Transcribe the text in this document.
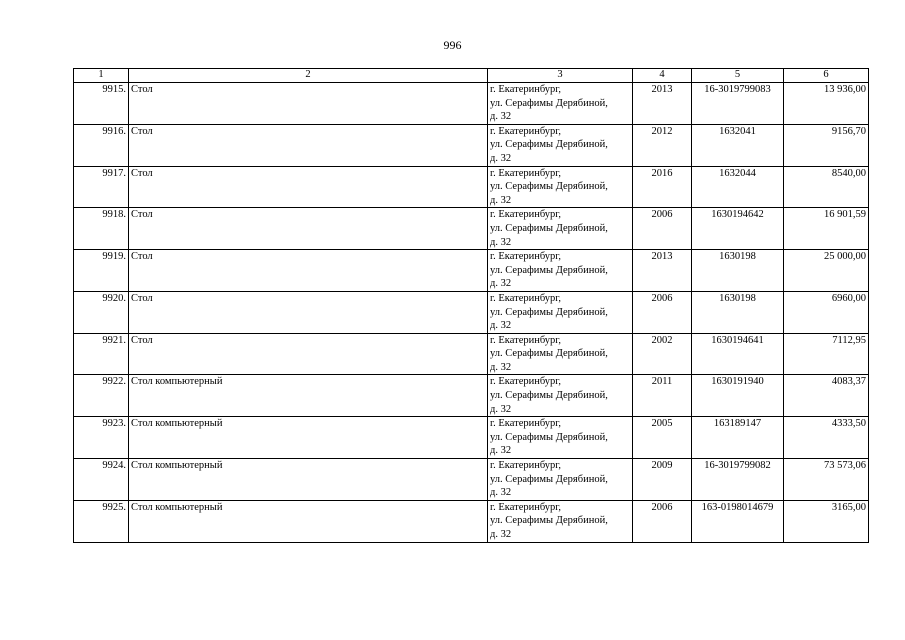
996
1	2	3	4	5	6
9915.	Стол	г. Екатеринбург,
ул. Серафимы Дерябиной,
д. 32	2013	16-3019799083	13 936,00
9916.	Стол	г. Екатеринбург,
ул. Серафимы Дерябиной,
д. 32	2012	1632041	9156,70
9917.	Стол	г. Екатеринбург,
ул. Серафимы Дерябиной,
д. 32	2016	1632044	8540,00
9918.	Стол	г. Екатеринбург,
ул. Серафимы Дерябиной,
д. 32	2006	1630194642	16 901,59
9919.	Стол	г. Екатеринбург,
ул. Серафимы Дерябиной,
д. 32	2013	1630198	25 000,00
9920.	Стол	г. Екатеринбург,
ул. Серафимы Дерябиной,
д. 32	2006	1630198	6960,00
9921.	Стол	г. Екатеринбург,
ул. Серафимы Дерябиной,
д. 32	2002	1630194641	7112,95
9922.	Стол компьютерный	г. Екатеринбург,
ул. Серафимы Дерябиной,
д. 32	2011	1630191940	4083,37
9923.	Стол компьютерный	г. Екатеринбург,
ул. Серафимы Дерябиной,
д. 32	2005	163189147	4333,50
9924.	Стол компьютерный	г. Екатеринбург,
ул. Серафимы Дерябиной,
д. 32	2009	16-3019799082	73 573,06
9925.	Стол компьютерный	г. Екатеринбург,
ул. Серафимы Дерябиной,
д. 32	2006	163-0198014679	3165,00
